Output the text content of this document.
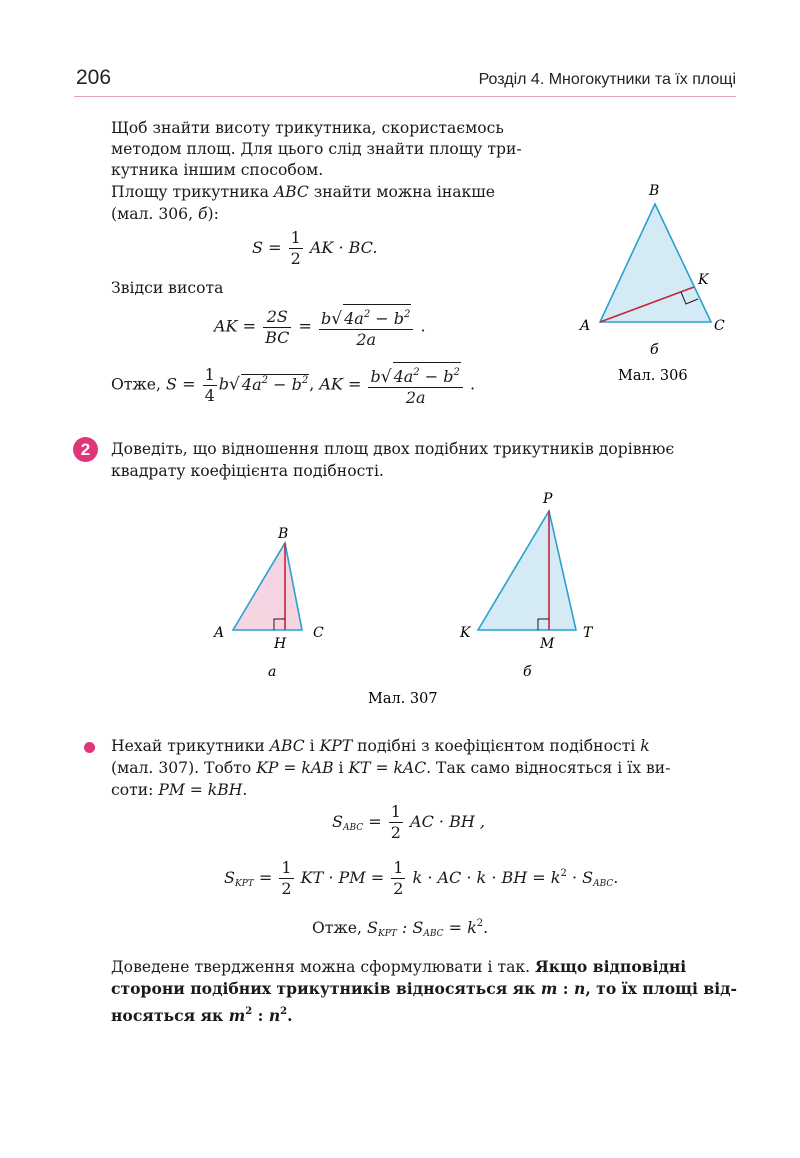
206	Розділ 4. Многокутники та їх площі
Щоб знайти висоту трикутника, скористаємось
методом площ. Для цього слід знайти площу три-
кутника іншим способом.
Площу трикутника ABC знайти можна інакше
(мал. 306, б):
$S = \frac{1}{2}$ AK · BC.
Звідси висота
AK = $\frac{2S}{BC} = \frac{b√ 4a^2 - b^2}{2a}$ .
Отже, $S = \frac{1}{4} b√$ $4a^2 - b^2$, AK = $\frac{b√ 4a^2 - b^2}{2a}$ .
B
K
A	C
б
Мал. 306
2	Доведіть, що відношення площ двох подібних трикутників дорівнює
квадрату коефіцієнта подібності.
B
A	C
H
а
P
K	T
M
б
Мал. 307
Нехай трикутники ABC і KPT подібні з коефіцієнтом подібності k
(мал. 307). Тобто KP = kAB і KT = kAC. Так само відносяться і їх ви-
соти: PM = kBH.
$S_{ABC} = \frac{1}{2}$ AC · BH ,
$S_{KPT} = \frac{1}{2}$ KT · PM = $\frac{1}{2}$ k · AC · k · BH = $k^2 \cdot S_{ABC}$.
Отже, $S_{KPT}$ : $S_{ABC} = k^2$.
Доведене твердження можна сформулювати і так. Якщо відповідні
сторони подібних трикутників відносяться як m : n, то їх площі від-
носяться як $m^2$ : $n^2$.
